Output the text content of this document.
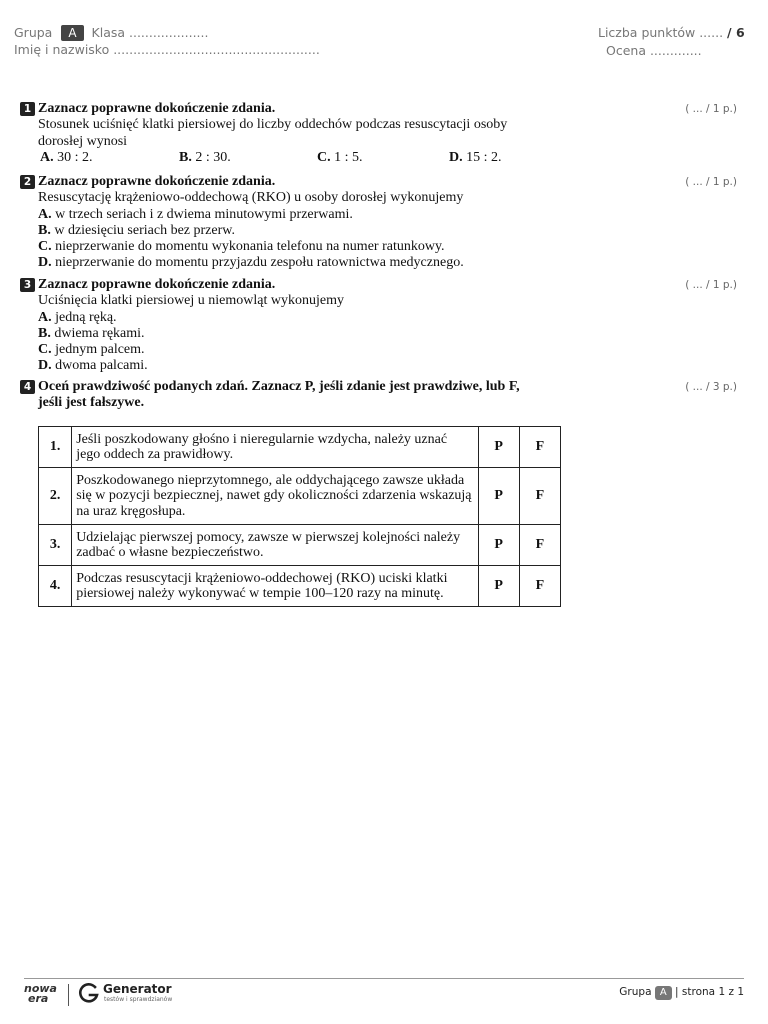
Grupa A Klasa ....................
Imię i nazwisko ....................................................
Liczba punktów ...... / 6
Ocena .............
1	( ... / 1 p.)
Zaznacz poprawne dokończenie zdania.
Stosunek uciśnięć klatki piersiowej do liczby oddechów podczas resuscytacji osoby
dorosłej wynosi
A. 30 : 2.	B. 2 : 30.	C. 1 : 5.	D. 15 : 2.
2	( ... / 1 p.)
Zaznacz poprawne dokończenie zdania.
Resuscytację krążeniowo-oddechową (RKO) u osoby dorosłej wykonujemy
A. w trzech seriach i z dwiema minutowymi przerwami.
B. w dziesięciu seriach bez przerw.
C. nieprzerwanie do momentu wykonania telefonu na numer ratunkowy.
D. nieprzerwanie do momentu przyjazdu zespołu ratownictwa medycznego.
3	( ... / 1 p.)
Zaznacz poprawne dokończenie zdania.
Uciśnięcia klatki piersiowej u niemowląt wykonujemy
A. jedną ręką.
B. dwiema rękami.
C. jednym palcem.
D. dwoma palcami.
4	( ... / 3 p.)
Oceń prawdziwość podanych zdań. Zaznacz P, jeśli zdanie jest prawdziwe, lub F,
jeśli jest fałszywe.
1.	Jeśli poszkodowany głośno i nieregularnie wzdycha, należy uznać jego oddech za prawidłowy.	P	F
2.	Poszkodowanego nieprzytomnego, ale oddychającego zawsze układa się w pozycji bezpiecznej, nawet gdy okoliczności zdarzenia wskazują na uraz kręgosłupa.	P	F
3.	Udzielając pierwszej pomocy, zawsze w pierwszej kolejności należy zadbać o własne bezpieczeństwo.	P	F
4.	Podczas resuscytacji krążeniowo-oddechowej (RKO) uciski klatki piersiowej należy wykonywać w tempie 100–120 razy na minutę.	P	F
nowa
era
Generator
testów i sprawdzianów
Grupa A | strona 1 z 1
